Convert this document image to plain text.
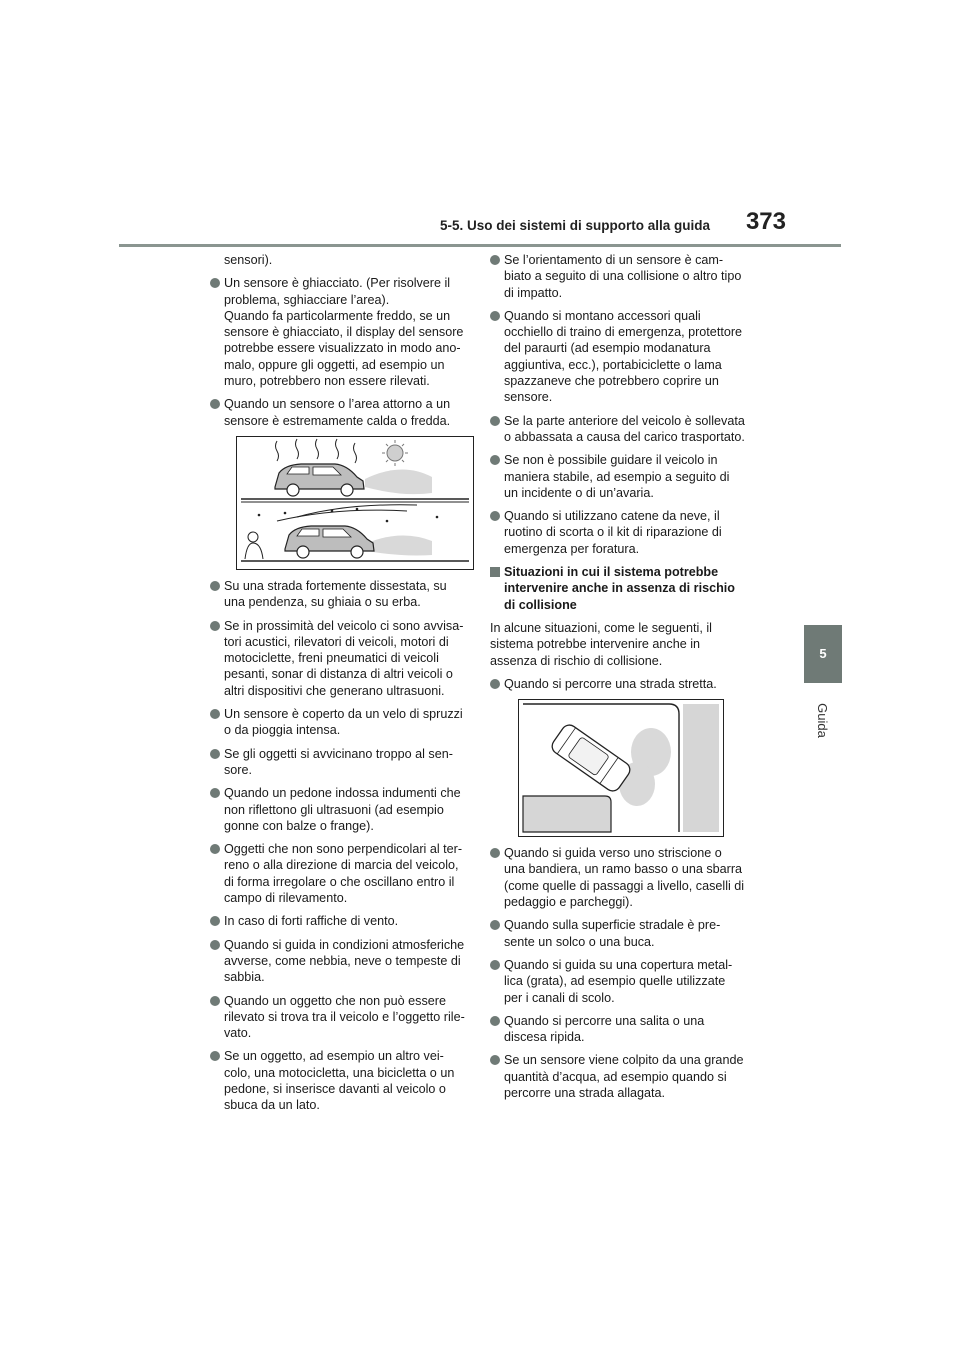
5-5. Uso dei sistemi di supporto alla guida	373
5
Guida

sensori).

Un sensore è ghiacciato. (Per risolvere il
problema, sghiacciare l’area).
Quando fa particolarmente freddo, se un
sensore è ghiacciato, il display del sensore
potrebbe essere visualizzato in modo ano-
malo, oppure gli oggetti, ad esempio un
muro, potrebbero non essere rilevati.
Quando un sensore o l’area attorno a un
sensore è estremamente calda o fredda.
Su una strada fortemente dissestata, su
una pendenza, su ghiaia o su erba.
Se in prossimità del veicolo ci sono avvisa-
tori acustici, rilevatori di veicoli, motori di
motociclette, freni pneumatici di veicoli
pesanti, sonar di distanza di altri veicoli o
altri dispositivi che generano ultrasuoni.
Un sensore è coperto da un velo di spruzzi
o da pioggia intensa.
Se gli oggetti si avvicinano troppo al sen-
sore.
Quando un pedone indossa indumenti che
non riflettono gli ultrasuoni (ad esempio
gonne con balze o frange).
Oggetti che non sono perpendicolari al ter-
reno o alla direzione di marcia del veicolo,
di forma irregolare o che oscillano entro il
campo di rilevamento.
In caso di forti raffiche di vento.
Quando si guida in condizioni atmosferiche
avverse, come nebbia, neve o tempeste di
sabbia.
Quando un oggetto che non può essere
rilevato si trova tra il veicolo e l’oggetto rile-
vato.
Se un oggetto, ad esempio un altro vei-
colo, una motocicletta, una bicicletta o un
pedone, si inserisce davanti al veicolo o
sbuca da un lato.
Se l’orientamento di un sensore è cam-
biato a seguito di una collisione o altro tipo
di impatto.
Quando si montano accessori quali
occhiello di traino di emergenza, protettore
del paraurti (ad esempio modanatura
aggiuntiva, ecc.), portabiciclette o lama
spazzaneve che potrebbero coprire un
sensore.
Se la parte anteriore del veicolo è sollevata
o abbassata a causa del carico trasportato.
Se non è possibile guidare il veicolo in
maniera stabile, ad esempio a seguito di
un incidente o di un’avaria.
Quando si utilizzano catene da neve, il
ruotino di scorta o il kit di riparazione di
emergenza per foratura.
Situazioni in cui il sistema potrebbe
intervenire anche in assenza di rischio
di collisione

In alcune situazioni, come le seguenti, il
sistema potrebbe intervenire anche in
assenza di rischio di collisione.

Quando si percorre una strada stretta.
Quando si guida verso uno striscione o
una bandiera, un ramo basso o una sbarra
(come quelle di passaggi a livello, caselli di
pedaggio e parcheggi).
Quando sulla superficie stradale è pre-
sente un solco o una buca.
Quando si guida su una copertura metal-
lica (grata), ad esempio quelle utilizzate
per i canali di scolo.
Quando si percorre una salita o una
discesa ripida.
Se un sensore viene colpito da una grande
quantità d’acqua, ad esempio quando si
percorre una strada allagata.
